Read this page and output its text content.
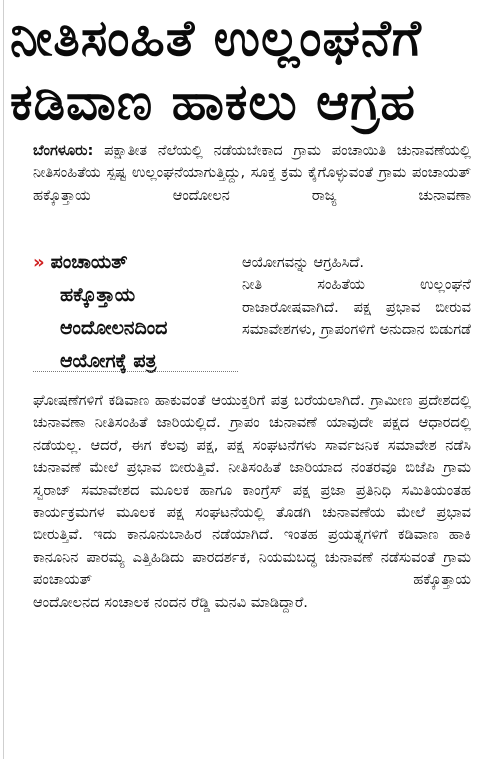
ನೀತಿಸಂಹಿತೆ ಉಲ್ಲಂಘನೆಗೆ
ಕಡಿವಾಣ ಹಾಕಲು ಆಗ್ರಹ
ಬೆಂಗಳೂರು: ಪಕ್ಷಾತೀತ ನೆಲೆಯಲ್ಲಿ ನಡೆಯಬೇಕಾದ ಗ್ರಾಮ ಪಂಚಾಯಿತಿ ಚುನಾವಣೆಯಲ್ಲಿ ನೀತಿಸಂಹಿತೆಯ ಸ್ಪಷ್ಟ ಉಲ್ಲಂಘನೆಯಾಗುತ್ತಿದ್ದು, ಸೂಕ್ತ ಕ್ರಮ ಕೈಗೊಳ್ಳುವಂತೆ ಗ್ರಾಮ ಪಂಚಾಯತ್ ಹಕ್ಕೊತ್ತಾಯ ಆಂದೋಲನ ರಾಜ್ಯ ಚುನಾವಣಾ
» ಪಂಚಾಯತ್
ಹಕ್ಕೊತ್ತಾಯ
ಆಂದೋಲನದಿಂದ
ಆಯೋಗಕ್ಕೆ ಪತ್ರ
ಆಯೋಗವನ್ನು ಆಗ್ರಹಿಸಿದೆ.
ನೀತಿ ಸಂಹಿತೆಯ ಉಲ್ಲಂಘನೆ ರಾಜಾರೋಷವಾಗಿದೆ. ಪಕ್ಷ ಪ್ರಭಾವ ಬೀರುವ ಸಮಾವೇಶಗಳು, ಗ್ರಾಪಂಗಳಿಗೆ ಅನುದಾನ ಬಿಡುಗಡೆ
ಘೋಷಣೆಗಳಿಗೆ ಕಡಿವಾಣ ಹಾಕುವಂತೆ ಆಯುಕ್ತರಿಗೆ ಪತ್ರ ಬರೆಯಲಾಗಿದೆ. ಗ್ರಾಮೀಣ ಪ್ರದೇಶದಲ್ಲಿ ಚುನಾವಣಾ ನೀತಿಸಂಹಿತೆ ಜಾರಿಯಲ್ಲಿದೆ. ಗ್ರಾಪಂ ಚುನಾವಣೆ ಯಾವುದೇ ಪಕ್ಷದ ಆಧಾರದಲ್ಲಿ ನಡೆಯಲ್ಲ. ಆದರೆ, ಈಗ ಕೆಲವು ಪಕ್ಷ, ಪಕ್ಷ ಸಂಘಟನೆಗಳು ಸಾರ್ವಜನಿಕ ಸಮಾವೇಶ ನಡೆಸಿ ಚುನಾವಣೆ ಮೇಲೆ ಪ್ರಭಾವ ಬೀರುತ್ತಿವೆ. ನೀತಿಸಂಹಿತೆ ಜಾರಿಯಾದ ನಂತರವೂ ಬಿಜೆಪಿ ಗ್ರಾಮ ಸ್ವರಾಜ್ ಸಮಾವೇಶದ ಮೂಲಕ ಹಾಗೂ ಕಾಂಗ್ರೆಸ್ ಪಕ್ಷ ಪ್ರಜಾ ಪ್ರತಿನಿಧಿ ಸಮಿತಿಯಂತಹ ಕಾರ್ಯಕ್ರಮಗಳ ಮೂಲಕ ಪಕ್ಷ ಸಂಘಟನೆಯಲ್ಲಿ ತೊಡಗಿ ಚುನಾವಣೆಯ ಮೇಲೆ ಪ್ರಭಾವ ಬೀರುತ್ತಿವೆ. ಇದು ಕಾನೂನುಬಾಹಿರ ನಡೆಯಾಗಿದೆ. ಇಂತಹ ಪ್ರಯತ್ನಗಳಿಗೆ ಕಡಿವಾಣ ಹಾಕಿ ಕಾನೂನಿನ ಪಾರಮ್ಯ ಎತ್ತಿಹಿಡಿದು ಪಾರದರ್ಶಕ, ನಿಯಮಬದ್ಧ ಚುನಾವಣೆ ನಡೆಸುವಂತೆ ಗ್ರಾಮ ಪಂಚಾಯತ್ ಹಕ್ಕೊತ್ತಾಯ
ಆಂದೋಲನದ ಸಂಚಾಲಕ ನಂದನ ರೆಡ್ಡಿ ಮನವಿ ಮಾಡಿದ್ದಾರೆ.
